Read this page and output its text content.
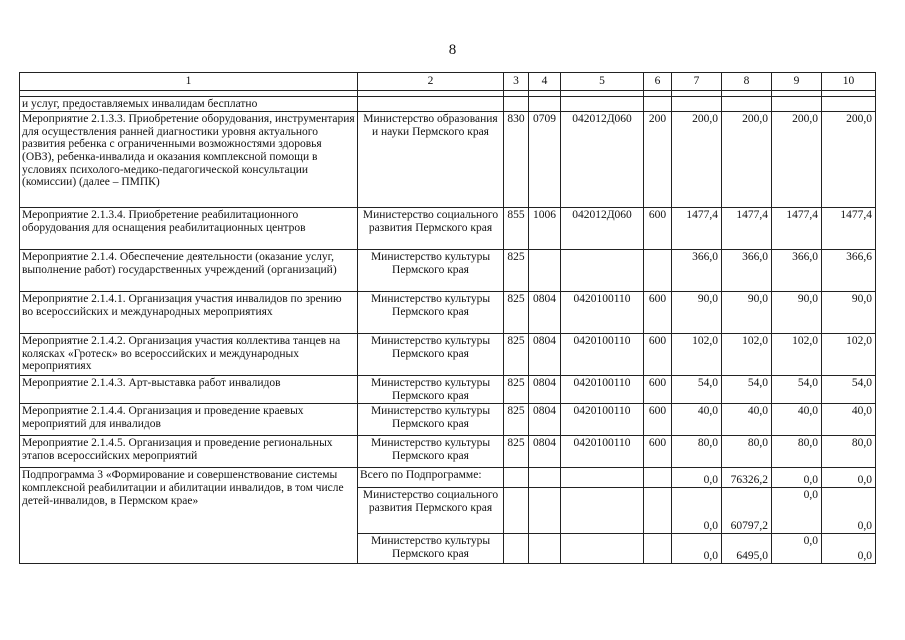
8
1	2	3	4	5	6	7	8	9	10

и услуг, предоставляемых инвалидам бесплатно									
Мероприятие 2.1.3.3. Приобретение оборудования, инструментария для осуществления ранней диагностики уровня актуального развития ребенка с ограниченными возможностями здоровья (ОВЗ), ребенка-инвалида и оказания комплексной помощи в условиях психолого-медико-педагогической консультации (комиссии) (далее – ПМПК)	Министерство образования и науки Пермского края	830	0709	042012Д060	200	200,0	200,0	200,0	200,0
Мероприятие 2.1.3.4. Приобретение реабилитационного оборудования для оснащения реабилитационных центров	Министерство социального развития Пермского края	855	1006	042012Д060	600	1477,4	1477,4	1477,4	1477,4
Мероприятие 2.1.4. Обеспечение деятельности (оказание услуг, выполнение работ) государственных учреждений (организаций)	Министерство культуры Пермского края	825				366,0	366,0	366,0	366,6
Мероприятие 2.1.4.1. Организация участия инвалидов по зрению во всероссийских и международных мероприятиях	Министерство культуры Пермского края	825	0804	0420100110	600	90,0	90,0	90,0	90,0
Мероприятие 2.1.4.2. Организация участия коллектива танцев на колясках «Гротеск» во всероссийских и международных мероприятиях	Министерство культуры Пермского края	825	0804	0420100110	600	102,0	102,0	102,0	102,0
Мероприятие 2.1.4.3. Арт-выставка работ инвалидов	Министерство культуры Пермского края	825	0804	0420100110	600	54,0	54,0	54,0	54,0
Мероприятие 2.1.4.4. Организация и проведение краевых мероприятий для инвалидов	Министерство культуры Пермского края	825	0804	0420100110	600	40,0	40,0	40,0	40,0
Мероприятие 2.1.4.5. Организация и проведение региональных этапов всероссийских мероприятий	Министерство культуры Пермского края	825	0804	0420100110	600	80,0	80,0	80,0	80,0
Подпрограмма 3 «Формирование и совершенствование системы комплексной реабилитации и абилитации инвалидов, в том числе детей-инвалидов, в Пермском крае»	Всего по Подпрограмме:					0,0	76326,2	0,0	0,0
	Министерство социального развития Пермского края					0,0	60797,2	0,0	0,0
	Министерство культуры Пермского края					0,0	6495,0	0,0	0,0
